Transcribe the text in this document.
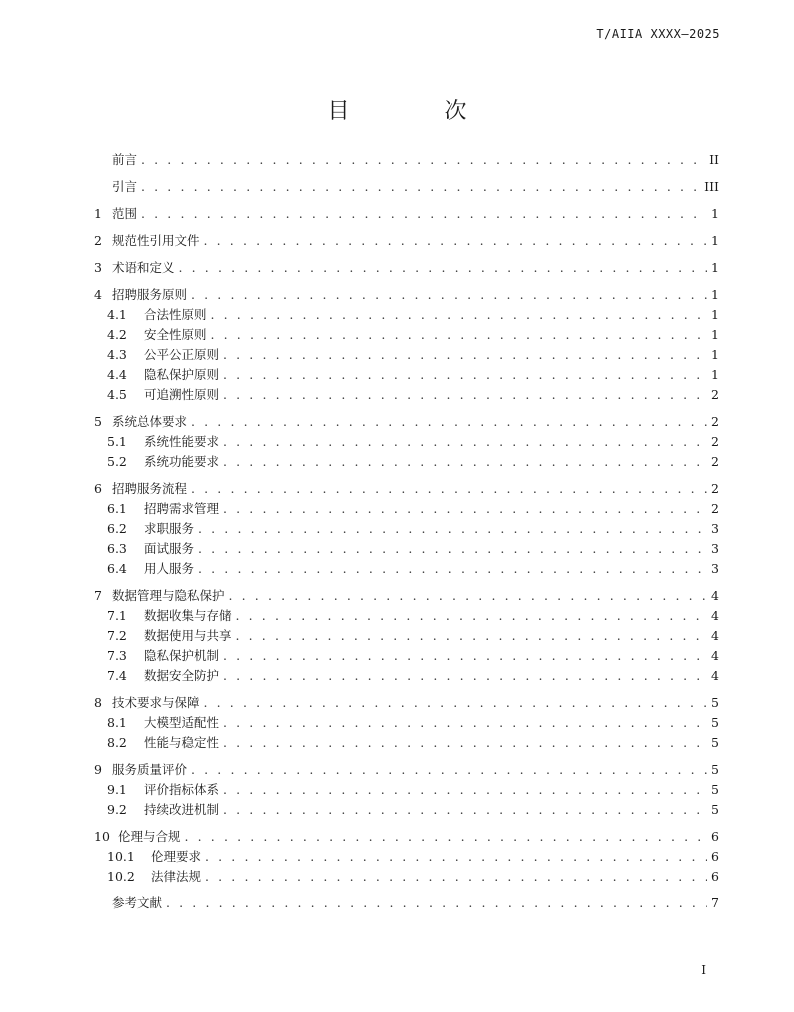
T/AIIA XXXX—2025
目 次
前言 . . .	II
引言 . . .	III
1 范围 . . .	1
2 规范性引用文件 . . .	1
3 术语和定义 . . .	1
4 招聘服务原则 . . .	1
4.1	合法性原则 . . .	1
4.2	安全性原则 . . .	1
4.3	公平公正原则 . . .	1
4.4	隐私保护原则 . . .	1
4.5	可追溯性原则 . . .	2
5 系统总体要求 . . .	2
5.1	系统性能要求 . . .	2
5.2	系统功能要求 . . .	2
6 招聘服务流程 . . .	2
6.1	招聘需求管理 . . .	2
6.2	求职服务 . . .	3
6.3	面试服务 . . .	3
6.4	用人服务 . . .	3
7 数据管理与隐私保护 . . .	4
7.1	数据收集与存储 . . .	4
7.2	数据使用与共享 . . .	4
7.3	隐私保护机制 . . .	4
7.4	数据安全防护 . . .	4
8 技术要求与保障 . . .	5
8.1	大模型适配性 . . .	5
8.2	性能与稳定性 . . .	5
9 服务质量评价 . . .	5
9.1	评价指标体系 . . .	5
9.2	持续改进机制 . . .	5
10 伦理与合规 . . .	6
10.1	伦理要求 . . .	6
10.2	法律法规 . . .	6
参考文献 . . .	7
I
